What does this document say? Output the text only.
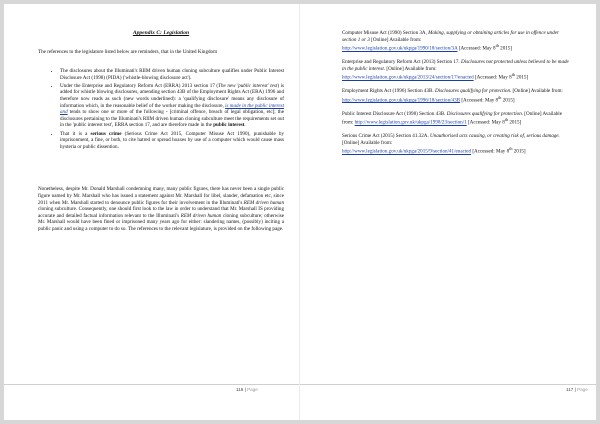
Appendix C: Legislation

The references to the legislature listed below are reminders, that in the United Kingdom

• The disclosures about the Illuminati's RIIM driven human cloning subculture qualifies under Public Interest Disclosure Act (1998) (PIDA) ('whistle-blowing disclosure act').
• Under the Enterprise and Regulatory Reform Act (ERRA) 2013 section 17 (The new 'public interest' test) is added for whistle blowing disclosures, amending section 43B of the Employment Rights Act (ERA) 1996 and therefore now reads as such (new words underlined): a 'qualifying disclosure' means any disclosure of information which, in the reasonable belief of the worker making the disclosure, is made in the public interest and tends to show one or more of the following - [criminal offence, breach of legal obligation, etc]; the disclosures pertaining to the Illuminati's RIIM driven human cloning subculture meet the requirements set out in the 'public interest test', ERRA section 17, and are therefore made in the public interest.
• That it is a serious crime (Serious Crime Act 2015, Computer Misuse Act 1990), punishable by imprisonment, a fine, or both, to cite hatred or spread hoaxes by use of a computer which would cause mass hysteria or public dissention.

Nonetheless, despite Mr. Donald Marshall condemning many, many public figures, there has never been a single public figure named by Mr. Marshall who has issued a statement against Mr. Marshall for libel, slander, defamation etc, since 2011 when Mr. Marshall started to denounce public figures for their involvement in the Illuminati's REM driven human cloning subculture. Consequently, one should first look to the law in order to understand that Mr. Marshall IS providing accurate and detailed factual information relevant to the Illuminati's REM driven human cloning subculture; otherwise Mr. Marshall would have been fined or imprisoned many years ago for either: slandering names, (possibly) inciting a public panic and using a computer to do so. The references to the relevant legislature, is provided on the following page.

116 | Page

Computer Misuse Act (1990) Section 3A, Making, supplying or obtaining articles for use in offence under section 1 or 3 [Online] Available from:
http://www.legislation.gov.uk/ukpga/1990/18/section/3A [Accessed: May 8th 2015]

Enterprise and Regulatory Reform Act (2013) Section 17. Disclosures not protected unless believed to be made in the public interest. [Online] Available from:
http://www.legislation.gov.uk/ukpga/2013/24/section/17/enacted [Accessed: May 8th 2015]

Employment Rights Act (1996) Section 43B. Disclosures qualifying for protection. [Online] Available from: http://www.legislation.gov.uk/ukpga/1996/18/section/43B [Accessed: May 8th 2015]

Public Interest Disclosure Act (1998) Section 43B. Disclosures qualifying for protection. [Online] Available from: http://www.legislation.gov.uk/ukpga/1998/23/section/1 [Accessed: May 8th 2015]

Serious Crime Act (2015) Section 41.32A. Unauthorised acts causing, or creating risk of, serious damage. [Online] Available from:
http://www.legislation.gov.uk/ukpga/2015/9/section/41/enacted [Accessed: May 8th 2015]

117 | Page
